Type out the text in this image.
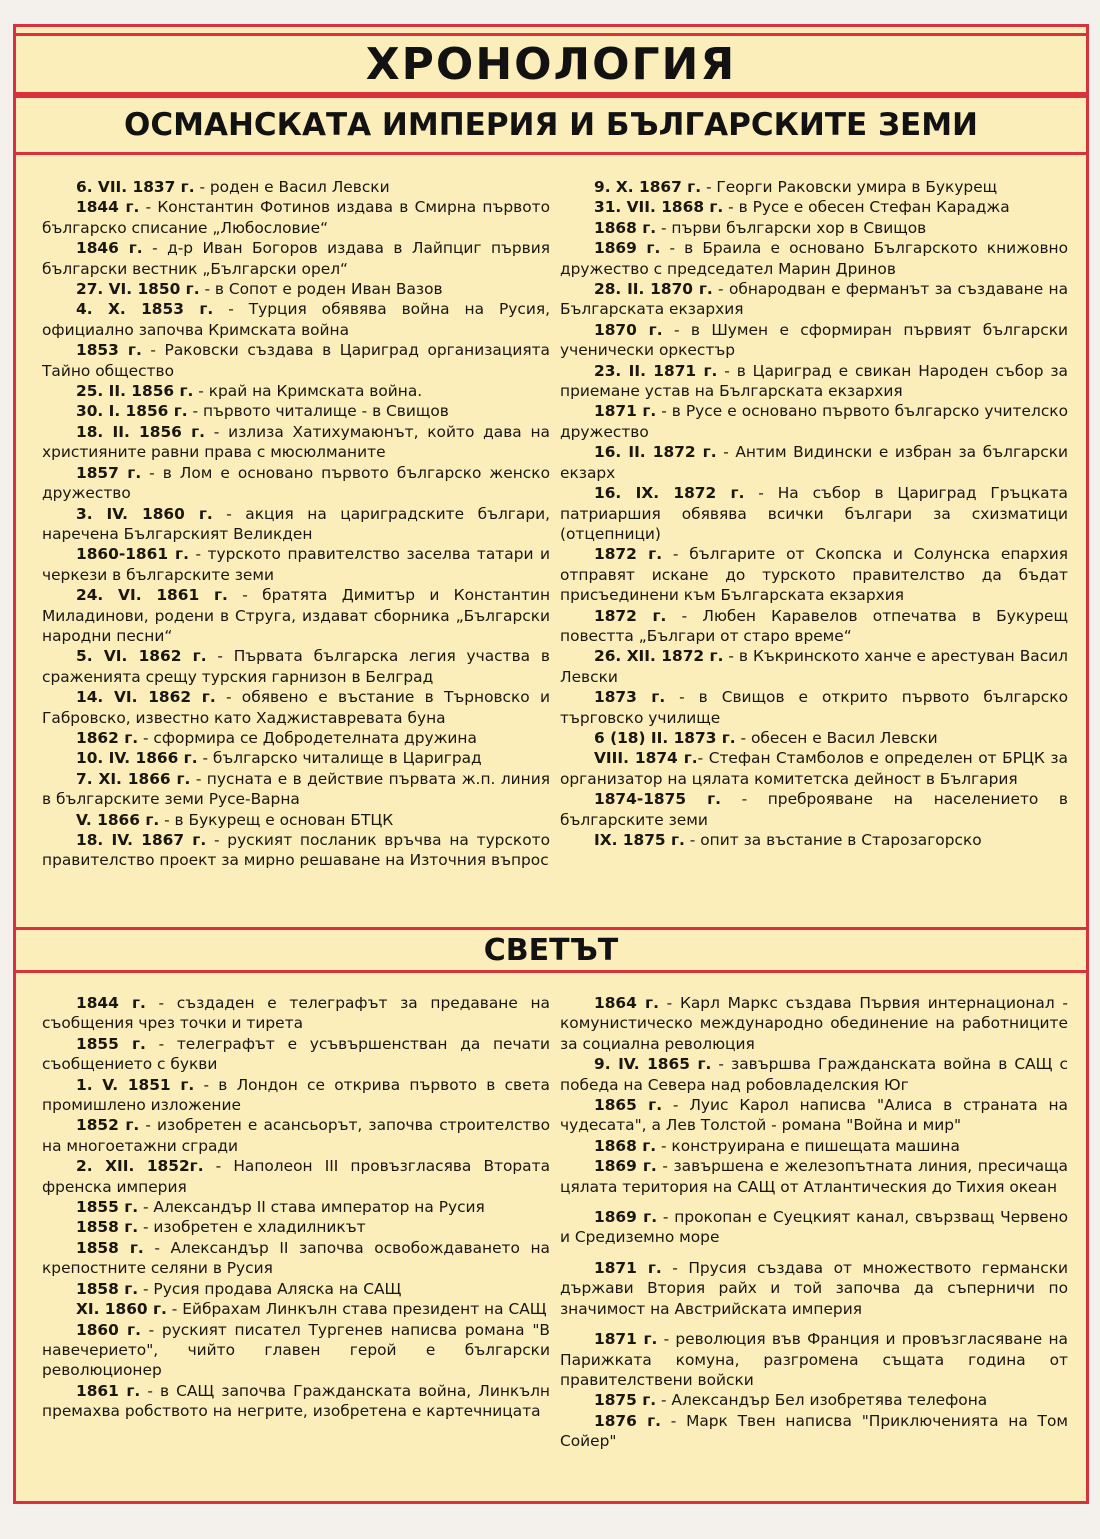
ХРОНОЛОГИЯ
ОСМАНСКАТА ИМПЕРИЯ И БЪЛГАРСКИТЕ ЗЕМИ
6. VII. 1837 г. - роден е Васил Левски
1844 г. - Константин Фотинов издава в Смирна първото българско списание „Любословие“
1846 г. - д-р Иван Богоров издава в Лайпциг първия български вестник „Български орел“
27. VI. 1850 г. - в Сопот е роден Иван Вазов
4. X. 1853 г. - Турция обявява война на Русия, официално започва Кримската война
1853 г. - Раковски създава в Цариград организацията Тайно общество
25. II. 1856 г. - край на Кримската война.
30. I. 1856 г. - първото читалище - в Свищов
18. II. 1856 г. - излиза Хатихумаюнът, който дава на християните равни права с мюсюлманите
1857 г. - в Лом е основано първото българско женско дружество
3. IV. 1860 г. - акция на цариградските българи, наречена Българският Великден
1860-1861 г. - турското правителство заселва татари и черкези в българските земи
24. VI. 1861 г. - братята Димитър и Константин Миладинови, родени в Струга, издават сборника „Български народни песни“
5. VI. 1862 г. - Първата българска легия участва в сраженията срещу турския гарнизон в Белград
14. VI. 1862 г. - обявено е въстание в Търновско и Габровско, известно като Хаджиставревата буна
1862 г. - сформира се Добродетелната дружина
10. IV. 1866 г. - българско читалище в Цариград
7. XI. 1866 г. - пусната е в действие първата ж.п. линия в българските земи Русе-Варна
V. 1866 г. - в Букурещ е основан БТЦК
18. IV. 1867 г. - руският посланик връчва на турското правителство проект за мирно решаване на Източния въпрос
9. X. 1867 г. - Георги Раковски умира в Букурещ
31. VII. 1868 г. - в Русе е обесен Стефан Караджа
1868 г. - първи български хор в Свищов
1869 г. - в Браила е основано Българското книжовно дружество с председател Марин Дринов
28. II. 1870 г. - обнародван е ферманът за създаване на Българската екзархия
1870 г. - в Шумен е сформиран първият български ученически оркестър
23. II. 1871 г. - в Цариград е свикан Народен събор за приемане устав на Българската екзархия
1871 г. - в Русе е основано първото българско учителско дружество
16. II. 1872 г. - Антим Видински е избран за български екзарх
16. IX. 1872 г. - На събор в Цариград Гръцката патриаршия обявява всички българи за схизматици (отцепници)
1872 г. - българите от Скопска и Солунска епархия отправят искане до турското правителство да бъдат присъединени към Българската екзархия
1872 г. - Любен Каравелов отпечатва в Букурещ повестта „Българи от старо време“
26. XII. 1872 г. - в Къкринското ханче е арестуван Васил Левски
1873 г. - в Свищов е открито първото българско търговско училище
6 (18) II. 1873 г. - обесен е Васил Левски
VIII. 1874 г.- Стефан Стамболов е определен от БРЦК за организатор на цялата комитетска дейност в България
1874-1875 г. - преброяване на населението в българските земи
IX. 1875 г. - опит за въстание в Старозагорско
СВЕТЪТ
1844 г. - създаден е телеграфът за предаване на съобщения чрез точки и тирета
1855 г. - телеграфът е усъвършенстван да печати съобщението с букви
1. V. 1851 г. - в Лондон се открива първото в света промишлено изложение
1852 г. - изобретен е асансьорът, започва строителство на многоетажни сгради
2. XII. 1852г. - Наполеон III провъзгласява Втората френска империя
1855 г. - Александър II става император на Русия
1858 г. - изобретен е хладилникът
1858 г. - Александър II започва освобождаването на крепостните селяни в Русия
1858 г. - Русия продава Аляска на САЩ
XI. 1860 г. - Ейбрахам Линкълн става президент на САЩ
1860 г. - руският писател Тургенев написва романа "В навечерието", чийто главен герой е български революционер
1861 г. - в САЩ започва Гражданската война, Линкълн премахва робството на негрите, изобретена е картечницата
1864 г. - Карл Маркс създава Първия интернационал - комунистическо международно обединение на работниците за социална революция
9. IV. 1865 г. - завършва Гражданската война в САЩ с победа на Севера над робовладелския Юг
1865 г. - Луис Карол написва "Алиса в страната на чудесата", а Лев Толстой - романа "Война и мир"
1868 г. - конструирана е пишещата машина
1869 г. - завършена е железопътната линия, пресичаща цялата територия на САЩ от Атлантическия до Тихия океан
1869 г. - прокопан е Суецкият канал, свързващ Червено и Средиземно море
1871 г. - Прусия създава от множеството германски държави Втория райх и той започва да съперничи по значимост на Австрийската империя
1871 г. - революция във Франция и провъзгласяване на Парижката комуна, разгромена същата година от правителствени войски
1875 г. - Александър Бел изобретява телефона
1876 г. - Марк Твен написва "Приключенията на Том Сойер"
